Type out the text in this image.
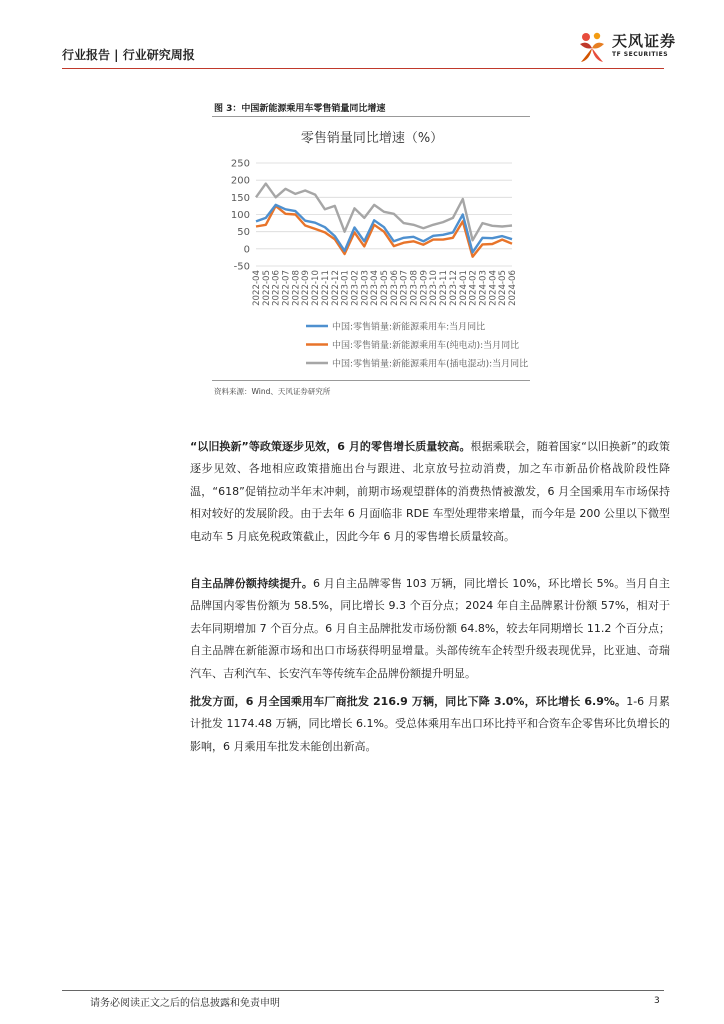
行业报告 | 行业研究周报
天风证券
TF SECURITIES
图 3：中国新能源乘用车零售销量同比增速
零售销量同比增速（%）
-50
0
50
100
150
200
250
2022-04 2022-05 2022-06 2022-07 2022-08 2022-09 2022-10 2022-11 2022-12 2023-01 2023-02 2023-03 2023-04 2023-05 2023-06 2023-07 2023-08 2023-09 2023-10 2023-11 2023-12 2024-01 2024-02 2024-03 2024-04 2024-05 2024-06
中国:零售销量:新能源乘用车:当月同比
中国:零售销量:新能源乘用车(纯电动):当月同比
中国:零售销量:新能源乘用车(插电混动):当月同比
资料来源：Wind、天风证券研究所
“以旧换新”等政策逐步见效，6 月的零售增长质量较高。根据乘联会，随着国家“以旧换新”的政策逐步见效、各地相应政策措施出台与跟进、北京放号拉动消费，加之车市新品价格战阶段性降温，“618”促销拉动半年末冲刺，前期市场观望群体的消费热情被激发，6 月全国乘用车市场保持相对较好的发展阶段。由于去年 6 月面临非 RDE 车型处理带来增量，而今年是 200 公里以下微型电动车 5 月底免税政策截止，因此今年 6 月的零售增长质量较高。
自主品牌份额持续提升。6 月自主品牌零售 103 万辆，同比增长 10%，环比增长 5%。当月自主品牌国内零售份额为 58.5%，同比增长 9.3 个百分点；2024 年自主品牌累计份额 57%，相对于去年同期增加 7 个百分点。6 月自主品牌批发市场份额 64.8%，较去年同期增长 11.2 个百分点；自主品牌在新能源市场和出口市场获得明显增量。头部传统车企转型升级表现优异，比亚迪、奇瑞汽车、吉利汽车、长安汽车等传统车企品牌份额提升明显。
批发方面，6 月全国乘用车厂商批发 216.9 万辆，同比下降 3.0%，环比增长 6.9%。1-6 月累计批发 1174.48 万辆，同比增长 6.1%。受总体乘用车出口环比持平和合资车企零售环比负增长的影响，6 月乘用车批发未能创出新高。
请务必阅读正文之后的信息披露和免责申明	3
